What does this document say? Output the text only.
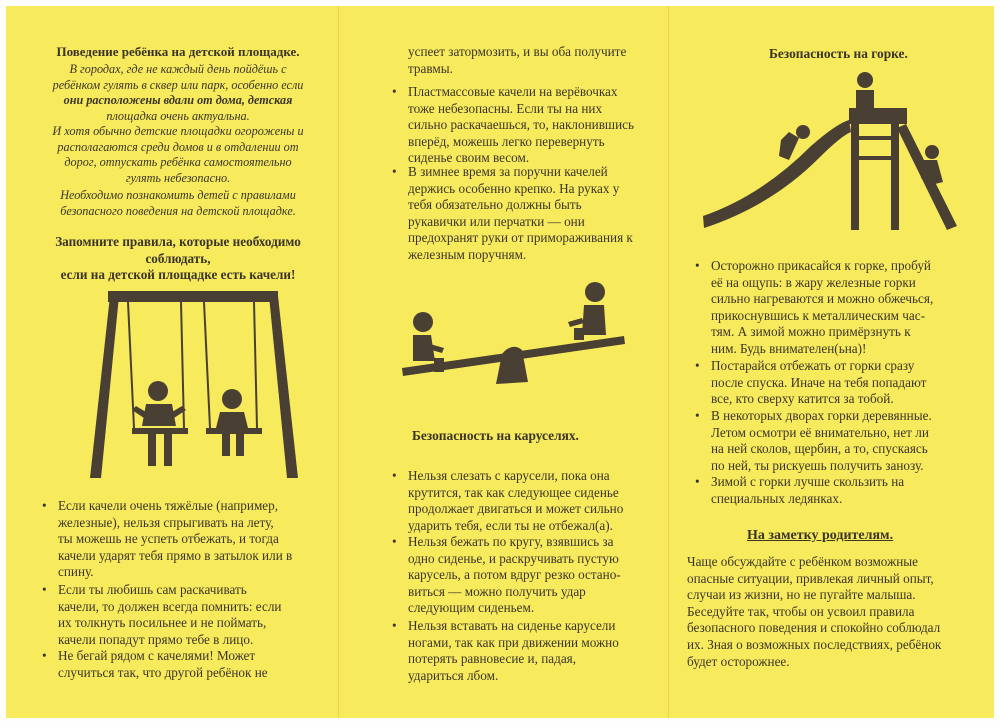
Поведение ребёнка на детской площадке.
В городах, где не каждый день пойдёшь с
ребёнком гулять в сквер или парк, особенно если
они расположены вдали от дома, детская
площадка очень актуальна.
И хотя обычно детские площадки огорожены и
располагаются среди домов и в отдалении от
дорог, отпускать ребёнка самостоятельно
гулять небезопасно.
Необходимо познакомить детей с правилами
безопасного поведения на детской площадке.
Запомните правила, которые необходимо
соблюдать,
если на детской площадке есть качели!
• Если качели очень тяжёлые (например,
железные), нельзя спрыгивать на лету,
ты можешь не успеть отбежать, и тогда
качели ударят тебя прямо в затылок или в
спину.
• Если ты любишь сам раскачивать
качели, то должен всегда помнить: если
их толкнуть посильнее и не поймать,
качели попадут прямо тебе в лицо.
• Не бегай рядом с качелями! Может
случиться так, что другой ребёнок не
успеет затормозить, и вы оба получите
травмы.
• Пластмассовые качели на верёвочках
тоже небезопасны. Если ты на них
сильно раскачаешься, то, наклонившись
вперёд, можешь легко перевернуть
сиденье своим весом.
• В зимнее время за поручни качелей
держись особенно крепко. На руках у
тебя обязательно должны быть
рукавички или перчатки — они
предохранят руки от примораживания к
железным поручням.
Безопасность на каруселях.
• Нельзя слезать с карусели, пока она
крутится, так как следующее сиденье
продолжает двигаться и может сильно
ударить тебя, если ты не отбежал(а).
• Нельзя бежать по кругу, взявшись за
одно сиденье, и раскручивать пустую
карусель, а потом вдруг резко остано-
виться — можно получить удар
следующим сиденьем.
• Нельзя вставать на сиденье карусели
ногами, так как при движении можно
потерять равновесие и, падая,
удариться лбом.
Безопасность на горке.
• Осторожно прикасайся к горке, пробуй
её на ощупь: в жару железные горки
сильно нагреваются и можно обжечься,
прикоснувшись к металлическим час-
тям. А зимой можно примёрзнуть к
ним. Будь внимателен(ьна)!
• Постарайся отбежать от горки сразу
после спуска. Иначе на тебя попадают
все, кто сверху катится за тобой.
• В некоторых дворах горки деревянные.
Летом осмотри её внимательно, нет ли
на ней сколов, щербин, а то, спускаясь
по ней, ты рискуешь получить занозу.
• Зимой с горки лучше скользить на
специальных ледянках.
На заметку родителям.
Чаще обсуждайте с ребёнком возможные
опасные ситуации, привлекая личный опыт,
случаи из жизни, но не пугайте малыша.
Беседуйте так, чтобы он усвоил правила
безопасного поведения и спокойно соблюдал
их. Зная о возможных последствиях, ребёнок
будет осторожнее.
